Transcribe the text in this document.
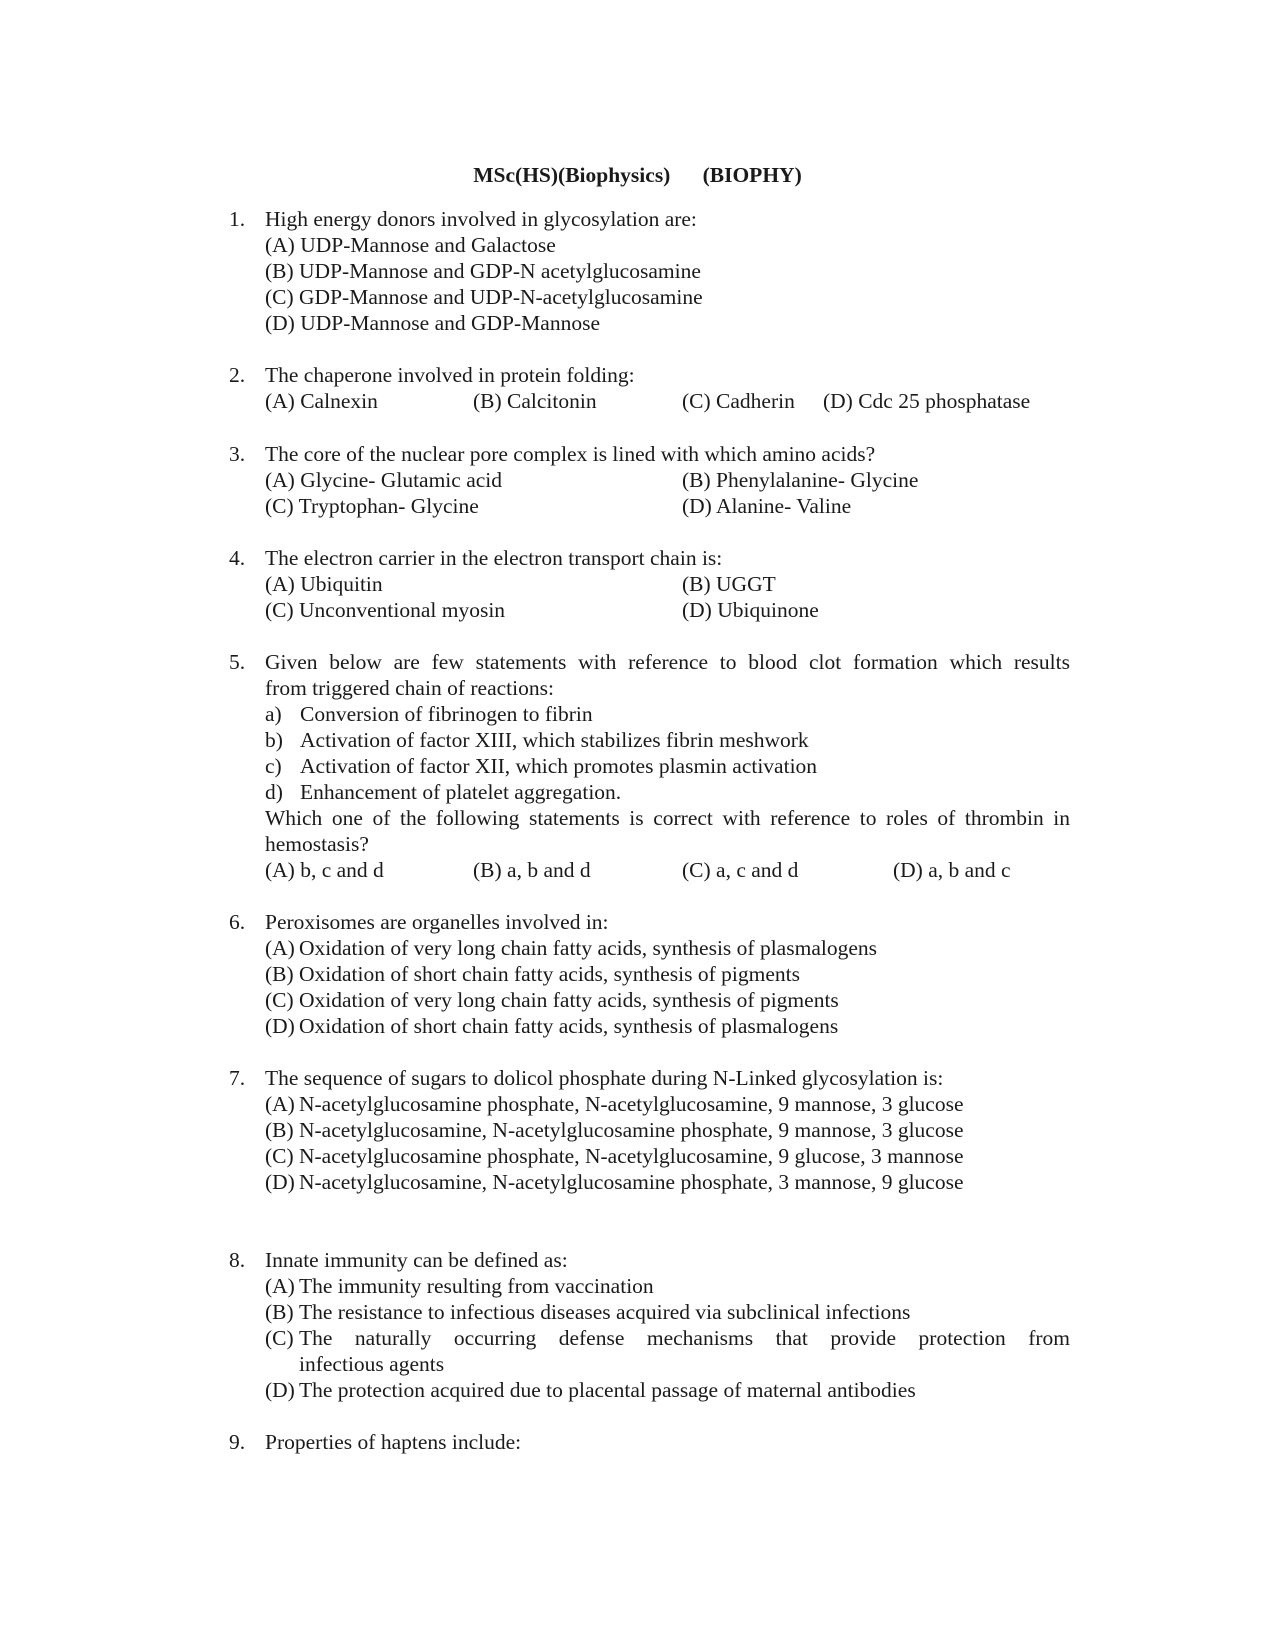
MSc(HS)(Biophysics)      (BIOPHY)
1. High energy donors involved in glycosylation are:
(A) UDP-Mannose and Galactose
(B) UDP-Mannose and GDP-N acetylglucosamine
(C) GDP-Mannose and UDP-N-acetylglucosamine
(D) UDP-Mannose and GDP-Mannose
2. The chaperone involved in protein folding:
(A) Calnexin	(B) Calcitonin	(C) Cadherin (D) Cdc 25 phosphatase
3. The core of the nuclear pore complex is lined with which amino acids?
(A) Glycine- Glutamic acid	(B) Phenylalanine- Glycine
(C) Tryptophan- Glycine	(D) Alanine- Valine
4. The electron carrier in the electron transport chain is:
(A) Ubiquitin	(B) UGGT
(C) Unconventional myosin	(D) Ubiquinone
5. Given below are few statements with reference to blood clot formation which results
from triggered chain of reactions:
a) Conversion of fibrinogen to fibrin
b) Activation of factor XIII, which stabilizes fibrin meshwork
c) Activation of factor XII, which promotes plasmin activation
d) Enhancement of platelet aggregation.
Which one of the following statements is correct with reference to roles of thrombin in
hemostasis?
(A) b, c and d	(B) a, b and d	(C) a, c and d	(D) a, b and c
6. Peroxisomes are organelles involved in:
(A) Oxidation of very long chain fatty acids, synthesis of plasmalogens
(B) Oxidation of short chain fatty acids, synthesis of pigments
(C) Oxidation of very long chain fatty acids, synthesis of pigments
(D) Oxidation of short chain fatty acids, synthesis of plasmalogens
7. The sequence of sugars to dolicol phosphate during N-Linked glycosylation is:
(A) N-acetylglucosamine phosphate, N-acetylglucosamine, 9 mannose, 3 glucose
(B) N-acetylglucosamine, N-acetylglucosamine phosphate, 9 mannose, 3 glucose
(C) N-acetylglucosamine phosphate, N-acetylglucosamine, 9 glucose, 3 mannose
(D) N-acetylglucosamine, N-acetylglucosamine phosphate, 3 mannose, 9 glucose
8. Innate immunity can be defined as:
(A) The immunity resulting from vaccination
(B) The resistance to infectious diseases acquired via subclinical infections
(C) The naturally occurring defense mechanisms that provide protection from
infectious agents
(D) The protection acquired due to placental passage of maternal antibodies
9. Properties of haptens include:
